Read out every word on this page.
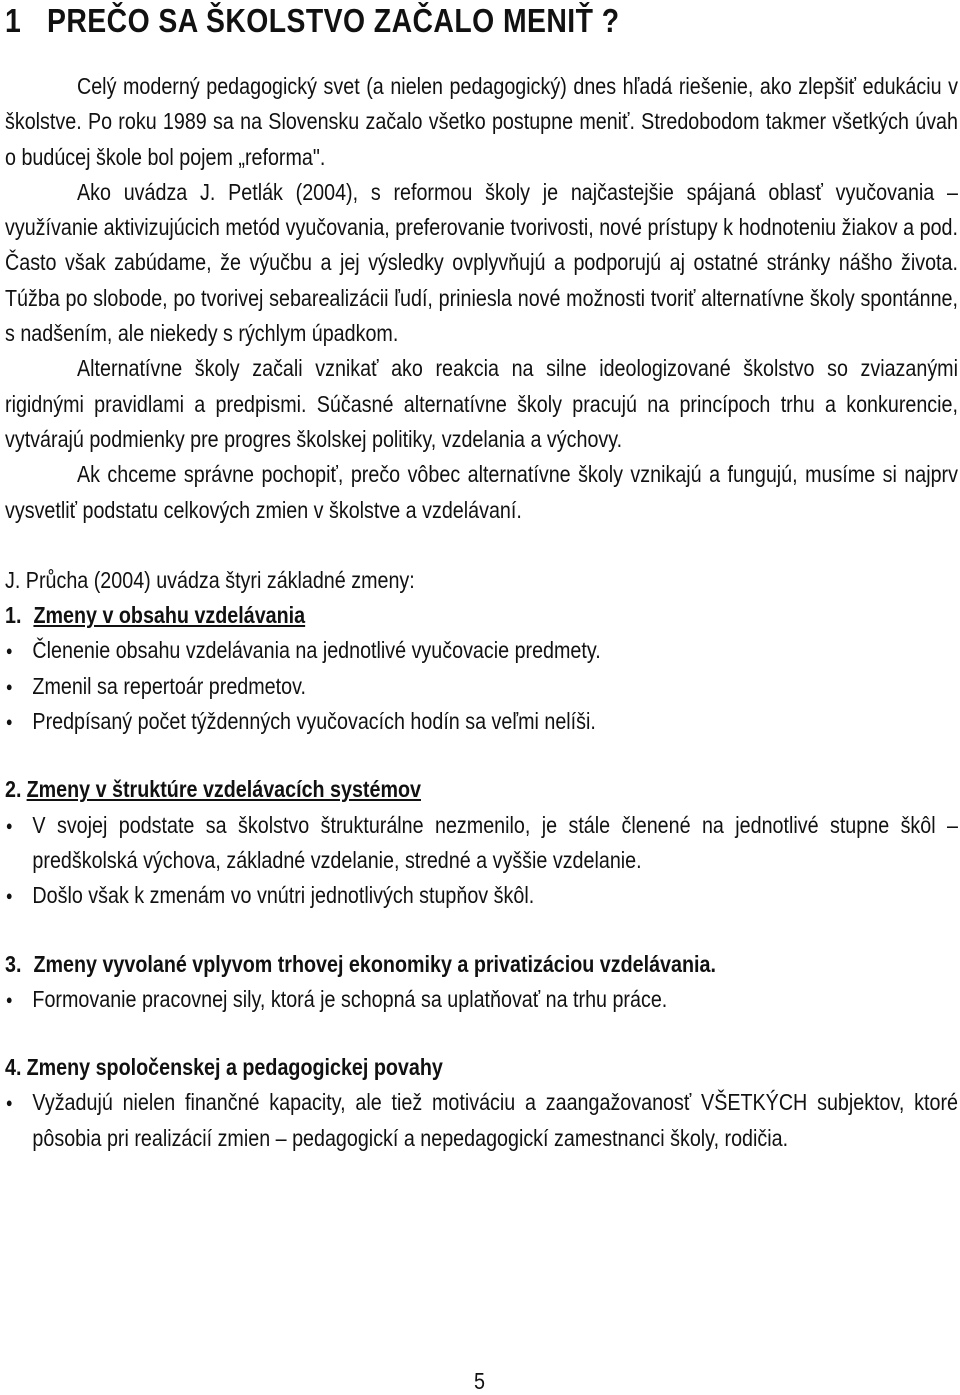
1 PREČO SA ŠKOLSTVO ZAČALO MENIŤ ?

Celý moderný pedagogický svet (a nielen pedagogický) dnes hľadá riešenie, ako zlepšiť edukáciu v školstve. Po roku 1989 sa na Slovensku začalo všetko postupne meniť. Stredobodom takmer všetkých úvah o budúcej škole bol pojem „reforma".

Ako uvádza J. Petlák (2004), s reformou školy je najčastejšie spájaná oblasť vyučovania – využívanie aktivizujúcich metód vyučovania, preferovanie tvorivosti, nové prístupy k hodnoteniu žiakov a pod. Často však zabúdame, že výučbu a jej výsledky ovplyvňujú a podporujú aj ostatné stránky nášho života. Túžba po slobode, po tvorivej sebarealizácii ľudí, priniesla nové možnosti tvoriť alternatívne školy spontánne, s nadšením, ale niekedy s rýchlym úpadkom.

Alternatívne školy začali vznikať ako reakcia na silne ideologizované školstvo so zviazanými rigidnými pravidlami a predpismi. Súčasné alternatívne školy pracujú na princípoch trhu a konkurencie, vytvárajú podmienky pre progres školskej politiky, vzdelania a výchovy.

Ak chceme správne pochopiť, prečo vôbec alternatívne školy vznikajú a fungujú, musíme si najprv vysvetliť podstatu celkových zmien v školstve a vzdelávaní.

J. Průcha (2004) uvádza štyri základné zmeny:

1. Zmeny v obsahu vzdelávania

● Členenie obsahu vzdelávania na jednotlivé vyučovacie predmety.
● Zmenil sa repertoár predmetov.
● Predpísaný počet týždenných vyučovacích hodín sa veľmi nelíši.

2. Zmeny v štruktúre vzdelávacích systémov

● V svojej podstate sa školstvo štrukturálne nezmenilo, je stále členené na jednotlivé stupne škôl – predškolská výchova, základné vzdelanie, stredné a vyššie vzdelanie.
● Došlo však k zmenám vo vnútri jednotlivých stupňov škôl.

3. Zmeny vyvolané vplyvom trhovej ekonomiky a privatizáciou vzdelávania.

● Formovanie pracovnej sily, ktorá je schopná sa uplatňovať na trhu práce.

4. Zmeny spoločenskej a pedagogickej povahy

● Vyžadujú nielen finančné kapacity, ale tiež motiváciu a zaangažovanosť VŠETKÝCH subjektov, ktoré pôsobia pri realizácií zmien – pedagogickí a nepedagogickí zamestnanci školy, rodičia.
5
